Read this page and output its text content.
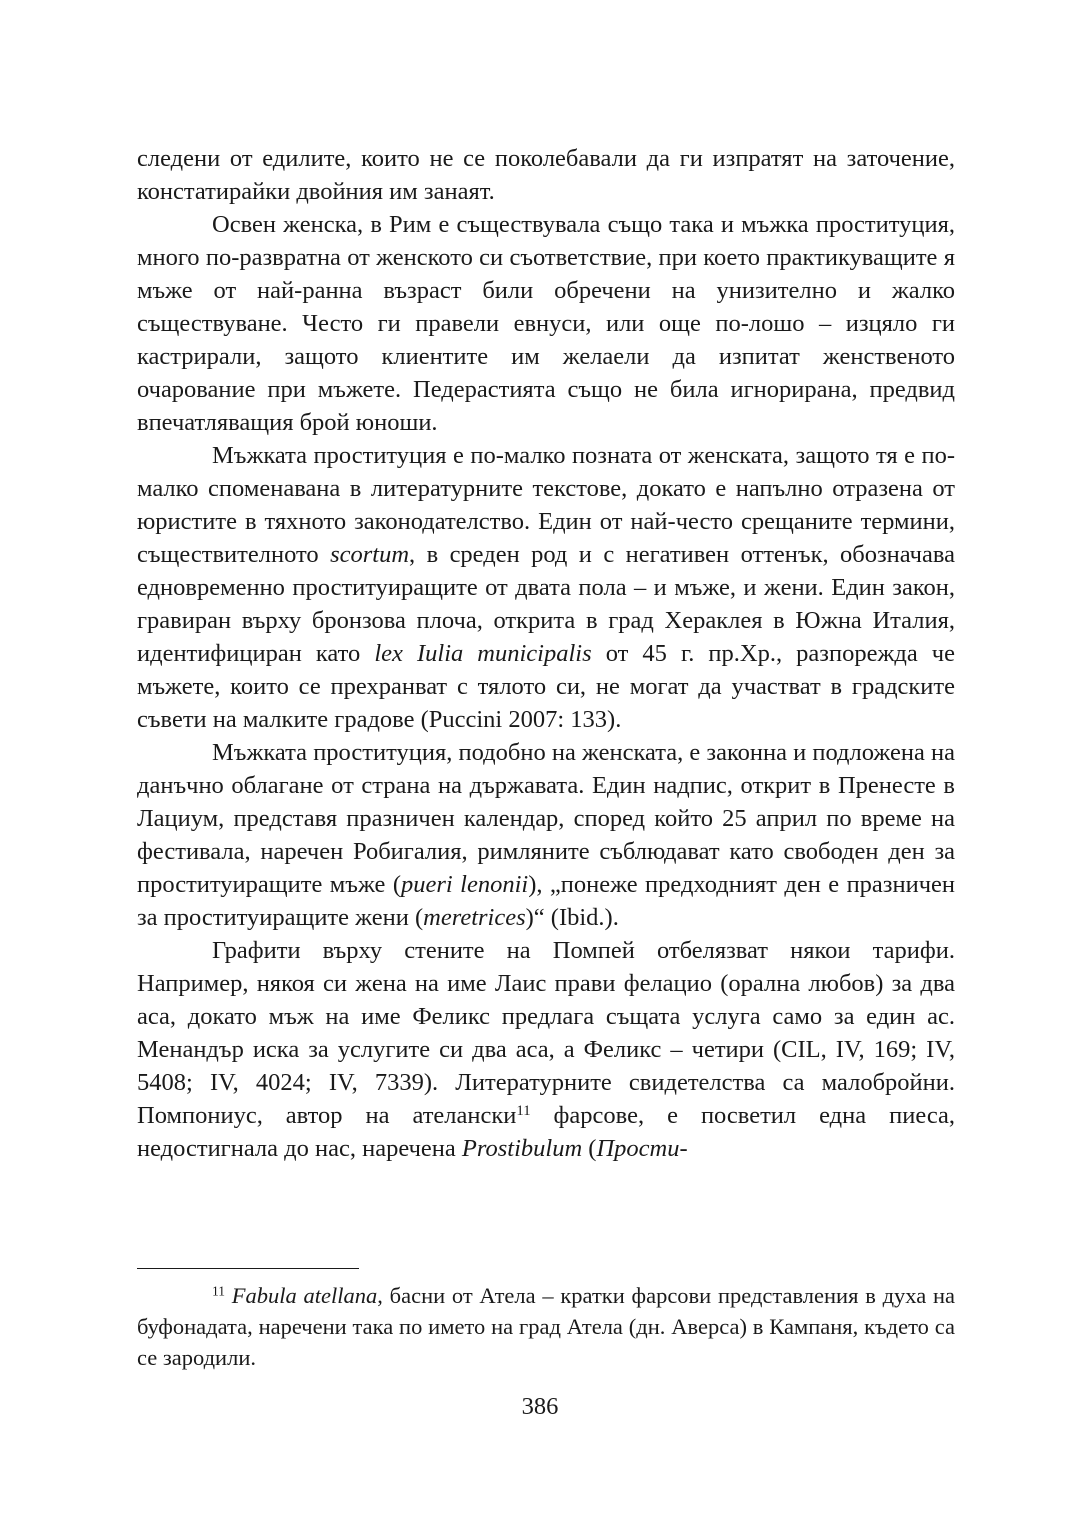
следени от едилите, които не се поколебавали да ги изпратят на заточение, констатирайки двойния им занаят.

Освен женска, в Рим е съществувала също така и мъжка проституция, много по-развратна от женското си съответствие, при което практикуващите я мъже от най-ранна възраст били обречени на унизително и жалко съществуване. Често ги правели евнуси, или още по-лошо – изцяло ги кастрирали, защото клиентите им желаели да изпитат женственото очарование при мъжете. Педерастията също не била игнорирана, предвид впечатляващия брой юноши.

Мъжката проституция е по-малко позната от женската, защото тя е по-малко споменавана в литературните текстове, докато е напълно отразена от юристите в тяхното законодателство. Един от най-често срещаните термини, съществителното scortum, в среден род и с негативен оттенък, обозначава едновременно проституиращите от двата пола – и мъже, и жени. Един закон, гравиран върху бронзова плоча, открита в град Хераклея в Южна Италия, идентифициран като lex Iulia municipalis от 45 г. пр.Хр., разпорежда че мъжете, които се прехранват с тялото си, не могат да участват в градските съвети на малките градове (Puccini 2007: 133).

Мъжката проституция, подобно на женската, е законна и подложена на данъчно облагане от страна на държавата. Един надпис, открит в Пренесте в Лациум, представя празничен календар, според който 25 април по време на фестивала, наречен Робигалия, римляните съблюдават като свободен ден за проституиращите мъже (pueri lenonii), „понеже предходният ден е празничен за проституиращите жени (meretrices)“ (Ibid.).

Графити върху стените на Помпей отбелязват някои тарифи. Например, някоя си жена на име Лаис прави фелацио (орална любов) за два аса, докато мъж на име Феликс предлага същата услуга само за един ас. Менандър иска за услугите си два аса, а Феликс – четири (CIL, IV, 169; IV, 5408; IV, 4024; IV, 7339). Литературните свидетелства са малобройни. Помпониус, автор на ателански$^{11}$ фарсове, е посветил една пиеса, недостигнала до нас, наречена Prostibulum (Прости-

$^{11}$ Fabula atellana, басни от Атела – кратки фарсови представления в духа на буфонадата, наречени така по името на град Атела (дн. Аверса) в Кампаня, където са се зародили.

386
